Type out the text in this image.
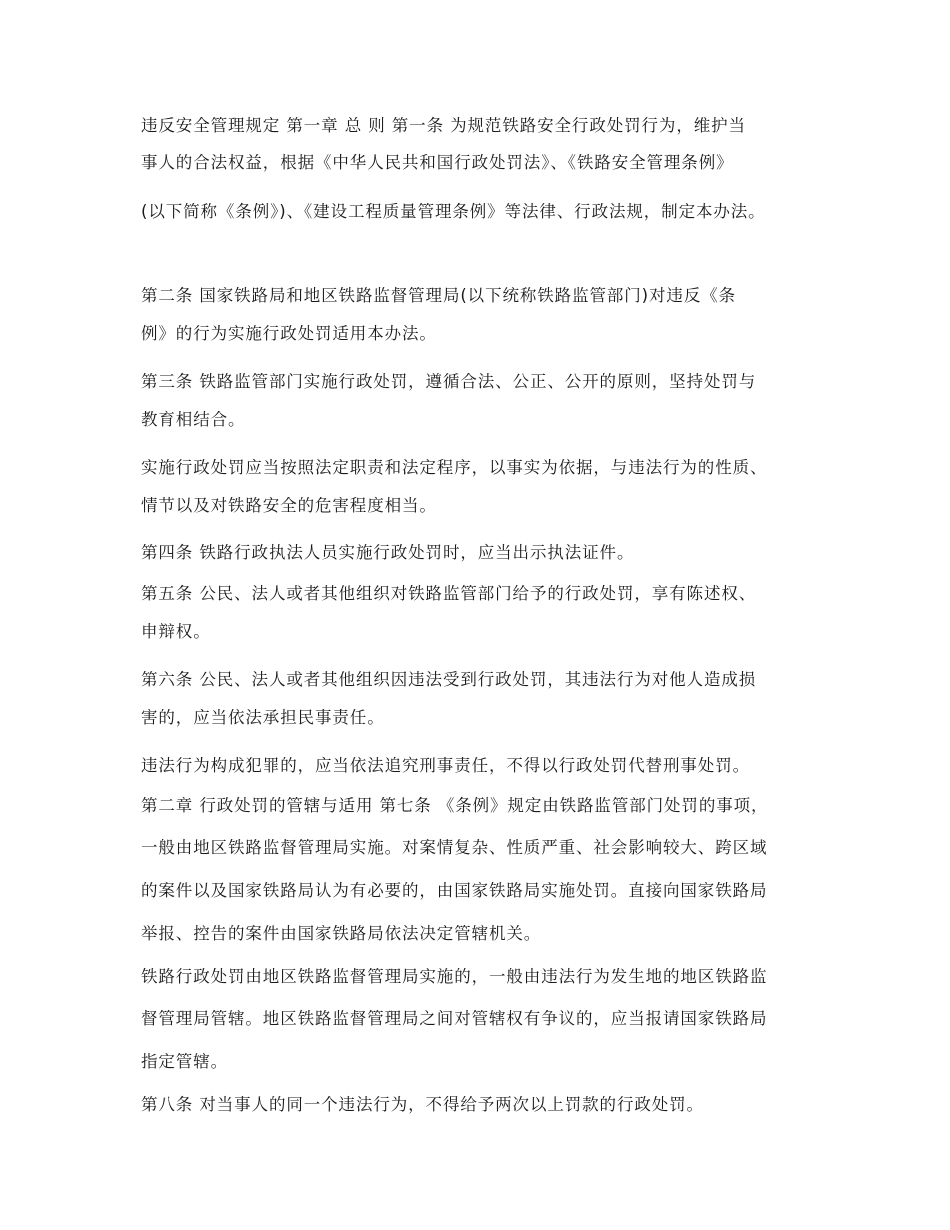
违反安全管理规定 第一章 总 则 第一条 为规范铁路安全行政处罚行为，维护当
事人的合法权益，根据《中华人民共和国行政处罚法》、《铁路安全管理条例》
(以下简称《条例》)、《建设工程质量管理条例》等法律、行政法规，制定本办法。
第二条 国家铁路局和地区铁路监督管理局(以下统称铁路监管部门)对违反《条
例》的行为实施行政处罚适用本办法。
第三条 铁路监管部门实施行政处罚，遵循合法、公正、公开的原则，坚持处罚与
教育相结合。
实施行政处罚应当按照法定职责和法定程序，以事实为依据，与违法行为的性质、
情节以及对铁路安全的危害程度相当。
第四条 铁路行政执法人员实施行政处罚时，应当出示执法证件。
第五条 公民、法人或者其他组织对铁路监管部门给予的行政处罚，享有陈述权、
申辩权。
第六条 公民、法人或者其他组织因违法受到行政处罚，其违法行为对他人造成损
害的，应当依法承担民事责任。
违法行为构成犯罪的，应当依法追究刑事责任，不得以行政处罚代替刑事处罚。
第二章 行政处罚的管辖与适用 第七条 《条例》规定由铁路监管部门处罚的事项，
一般由地区铁路监督管理局实施。对案情复杂、性质严重、社会影响较大、跨区域
的案件以及国家铁路局认为有必要的，由国家铁路局实施处罚。直接向国家铁路局
举报、控告的案件由国家铁路局依法决定管辖机关。
铁路行政处罚由地区铁路监督管理局实施的，一般由违法行为发生地的地区铁路监
督管理局管辖。地区铁路监督管理局之间对管辖权有争议的，应当报请国家铁路局
指定管辖。
第八条 对当事人的同一个违法行为，不得给予两次以上罚款的行政处罚。
